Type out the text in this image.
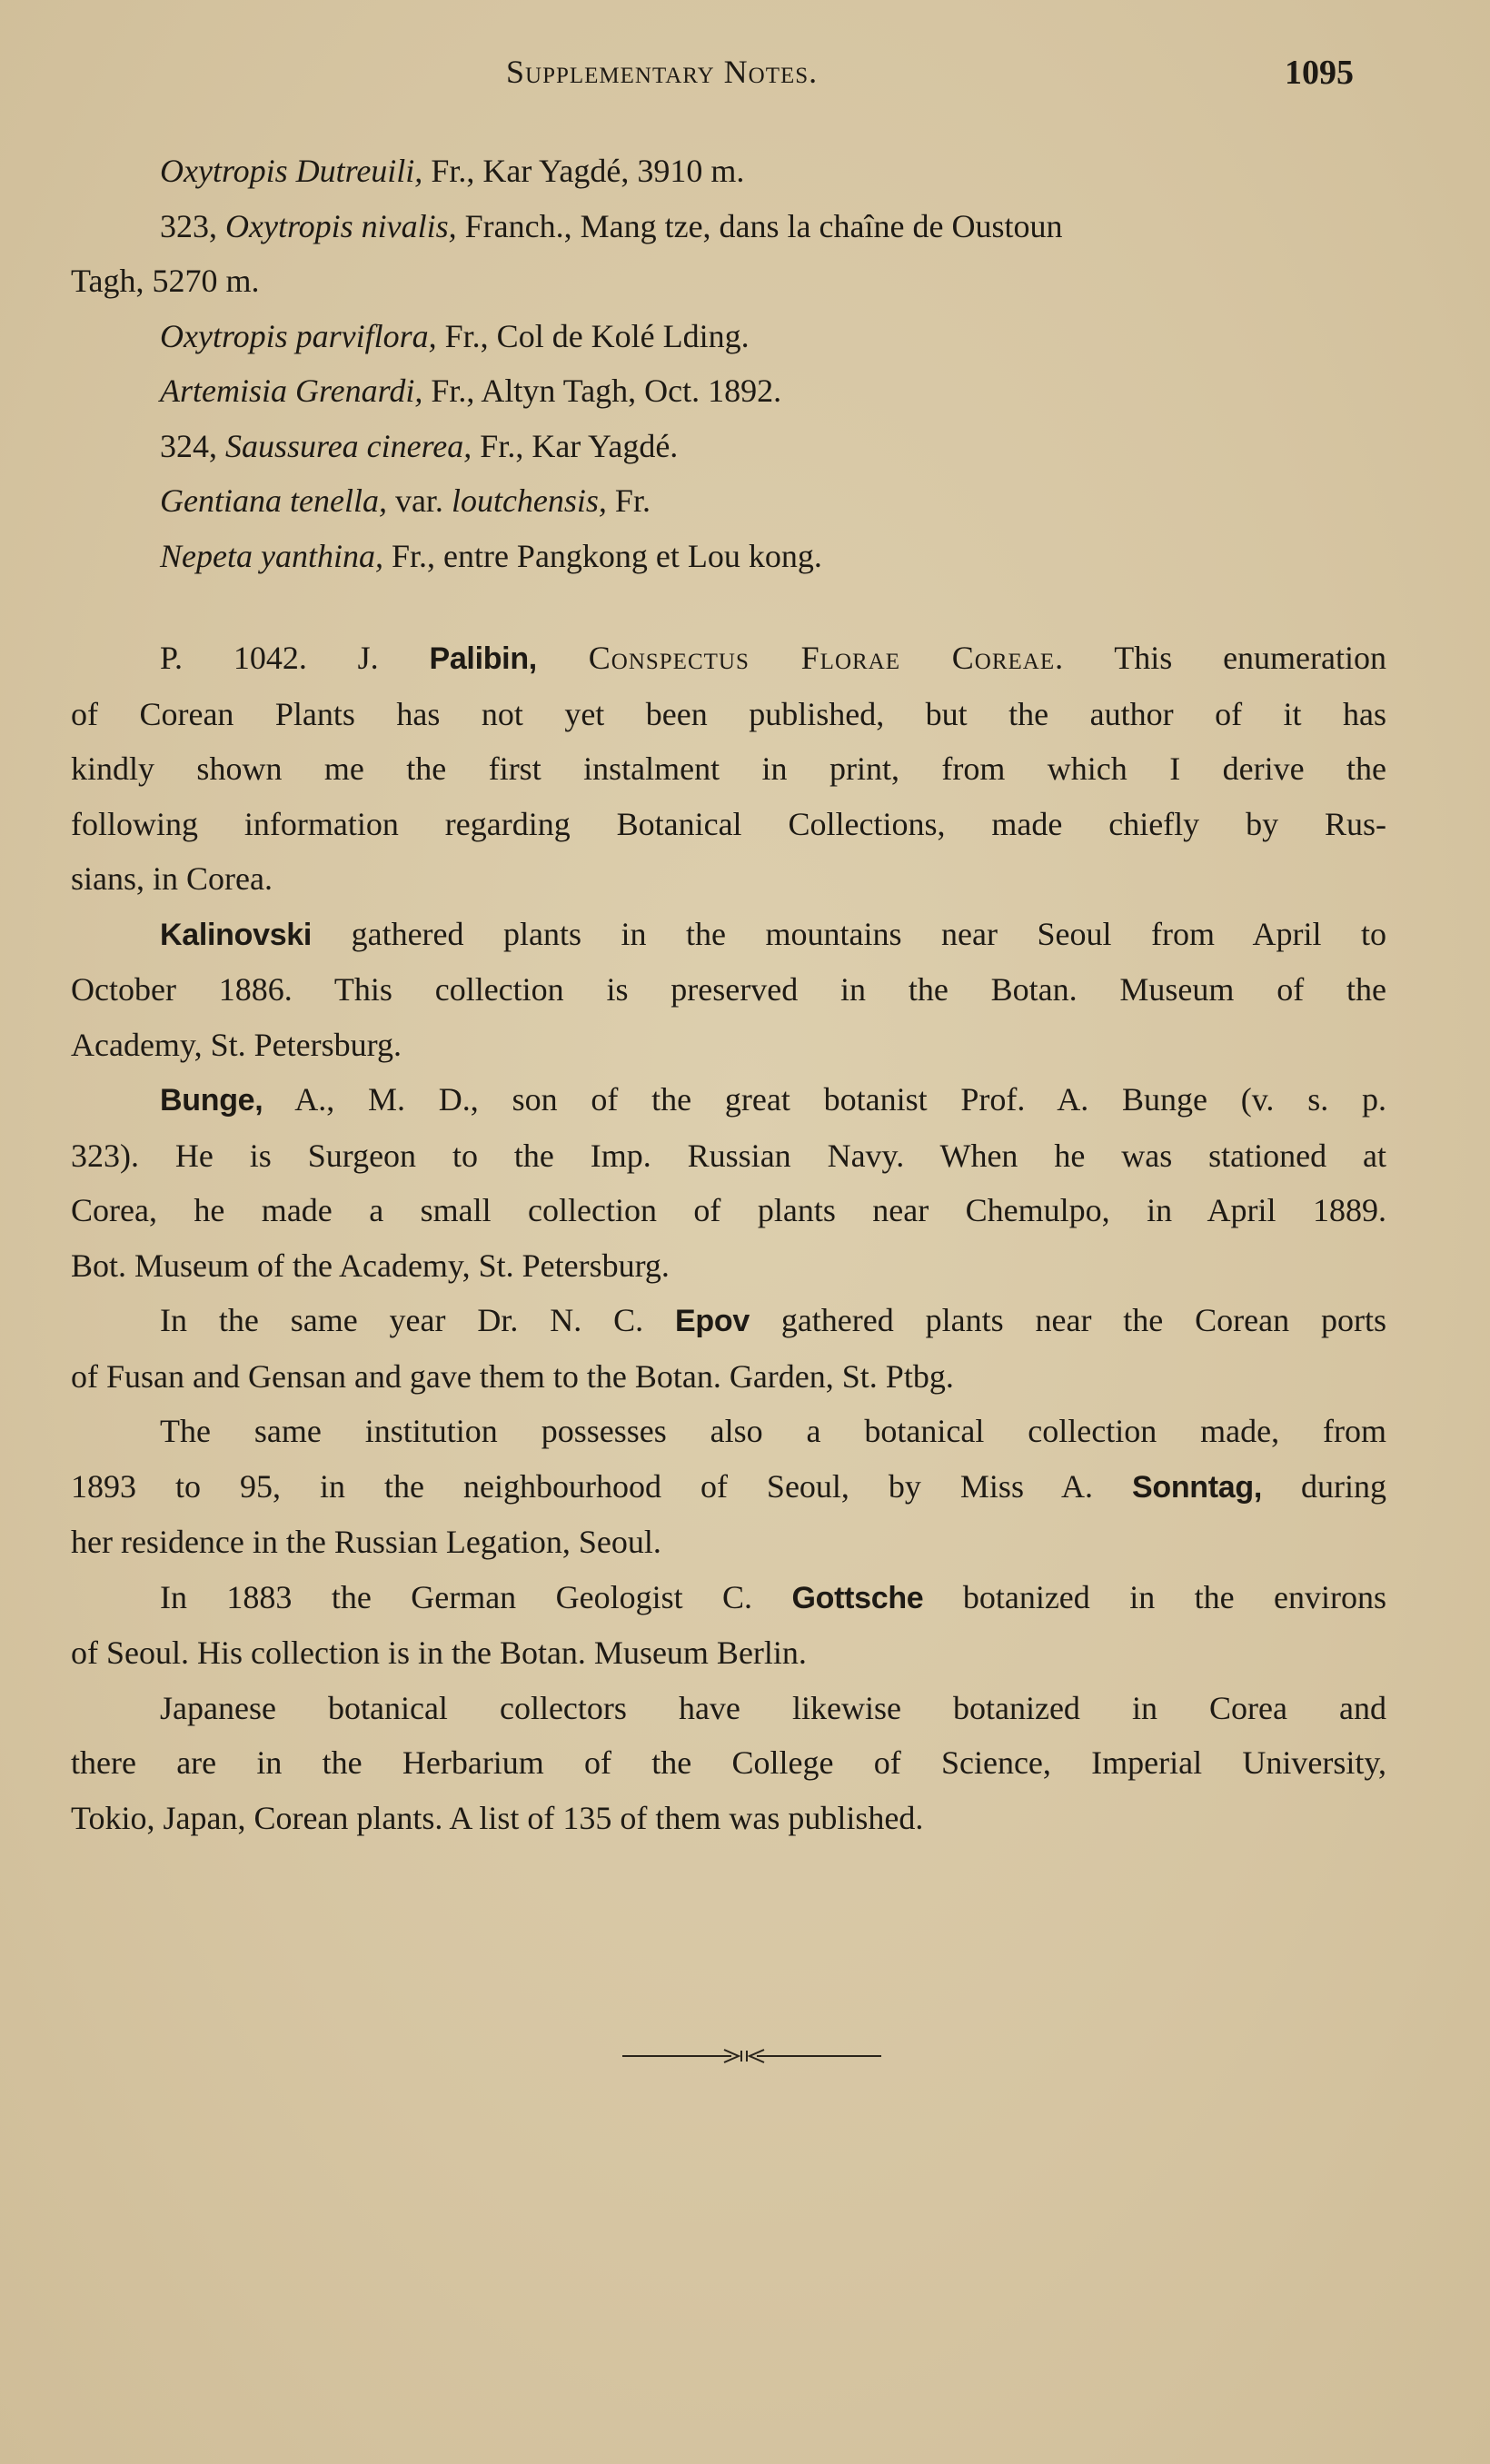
Supplementary Notes.	1095
Oxytropis Dutreuili, Fr., Kar Yagdé, 3910 m.
323, Oxytropis nivalis, Franch., Mang tze, dans la chaîne de Oustoun
Tagh, 5270 m.
Oxytropis parviflora, Fr., Col de Kolé Lding.
Artemisia Grenardi, Fr., Altyn Tagh, Oct. 1892.
324, Saussurea cinerea, Fr., Kar Yagdé.
Gentiana tenella, var. loutchensis, Fr.
Nepeta yanthina, Fr., entre Pangkong et Lou kong.
P. 1042. J. Palibin, Conspectus Florae Coreae. This enumeration
of Corean Plants has not yet been published, but the author of it has
kindly shown me the first instalment in print, from which I derive the
following information regarding Botanical Collections, made chiefly by Rus-
sians, in Corea.
Kalinovski gathered plants in the mountains near Seoul from April to
October 1886. This collection is preserved in the Botan. Museum of the
Academy, St. Petersburg.
Bunge, A., M. D., son of the great botanist Prof. A. Bunge (v. s. p.
323). He is Surgeon to the Imp. Russian Navy. When he was stationed at
Corea, he made a small collection of plants near Chemulpo, in April 1889.
Bot. Museum of the Academy, St. Petersburg.
In the same year Dr. N. C. Epov gathered plants near the Corean ports
of Fusan and Gensan and gave them to the Botan. Garden, St. Ptbg.
The same institution possesses also a botanical collection made, from
1893 to 95, in the neighbourhood of Seoul, by Miss A. Sonntag, during
her residence in the Russian Legation, Seoul.
In 1883 the German Geologist C. Gottsche botanized in the environs
of Seoul. His collection is in the Botan. Museum Berlin.
Japanese botanical collectors have likewise botanized in Corea and
there are in the Herbarium of the College of Science, Imperial University,
Tokio, Japan, Corean plants. A list of 135 of them was published.
